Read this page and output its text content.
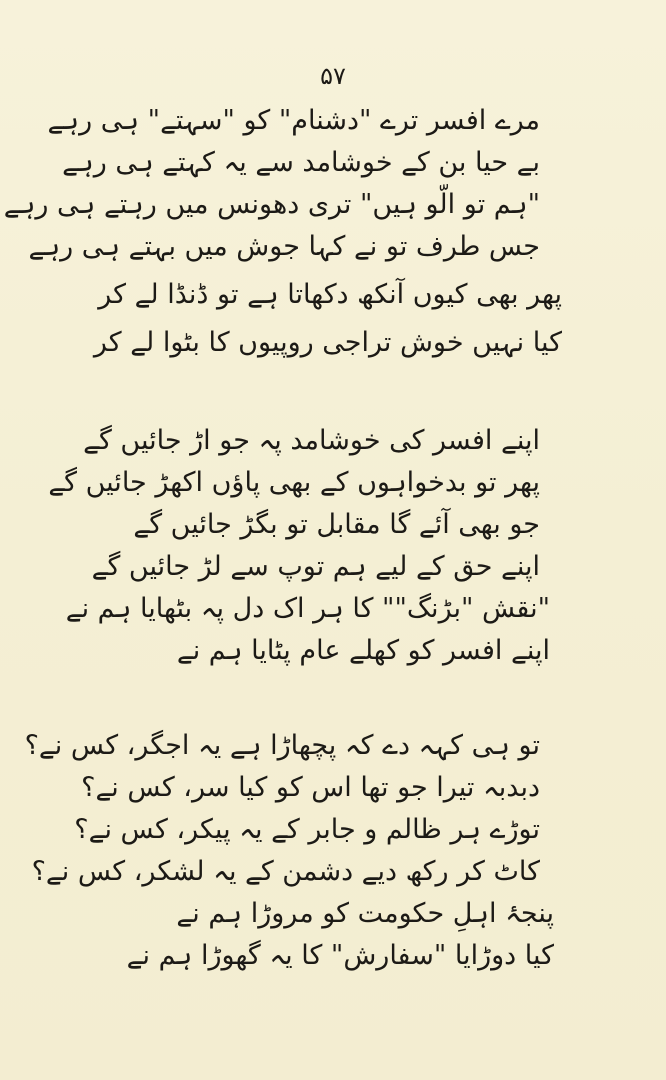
۵۷
مرے افسر ترے "دشنام" کو "سہتے" ہی رہے
بے حیا بن کے خوشامد سے یہ کہتے ہی رہے
"ہم تو الّو ہیں" تری دھونس میں رہتے ہی رہے
جس طرف تو نے کہا جوش میں بہتے ہی رہے
پھر بھی کیوں آنکھ دکھاتا ہے تو ڈنڈا لے کر
کیا نہیں خوش تراجی روپیوں کا بٹوا لے کر
اپنے افسر کی خوشامد پہ جو اڑ جائیں گے
پھر تو بدخواہوں کے بھی پاؤں اکھڑ جائیں گے
جو بھی آئے گا مقابل تو بگڑ جائیں گے
اپنے حق کے لیے ہم توپ سے لڑ جائیں گے
"نقش "بڑنگ"" کا ہر اک دل پہ بٹھایا ہم نے
اپنے افسر کو کھلے عام پٹایا ہم نے
تو ہی کہہ دے کہ پچھاڑا ہے یہ اجگر، کس نے؟
دبدبہ تیرا جو تھا اس کو کیا سر، کس نے؟
توڑے ہر ظالم و جابر کے یہ پیکر، کس نے؟
کاٹ کر رکھ دیے دشمن کے یہ لشکر، کس نے؟
پنجۂ اہلِ حکومت کو مروڑا ہم نے
کیا دوڑایا "سفارش" کا یہ گھوڑا ہم نے
